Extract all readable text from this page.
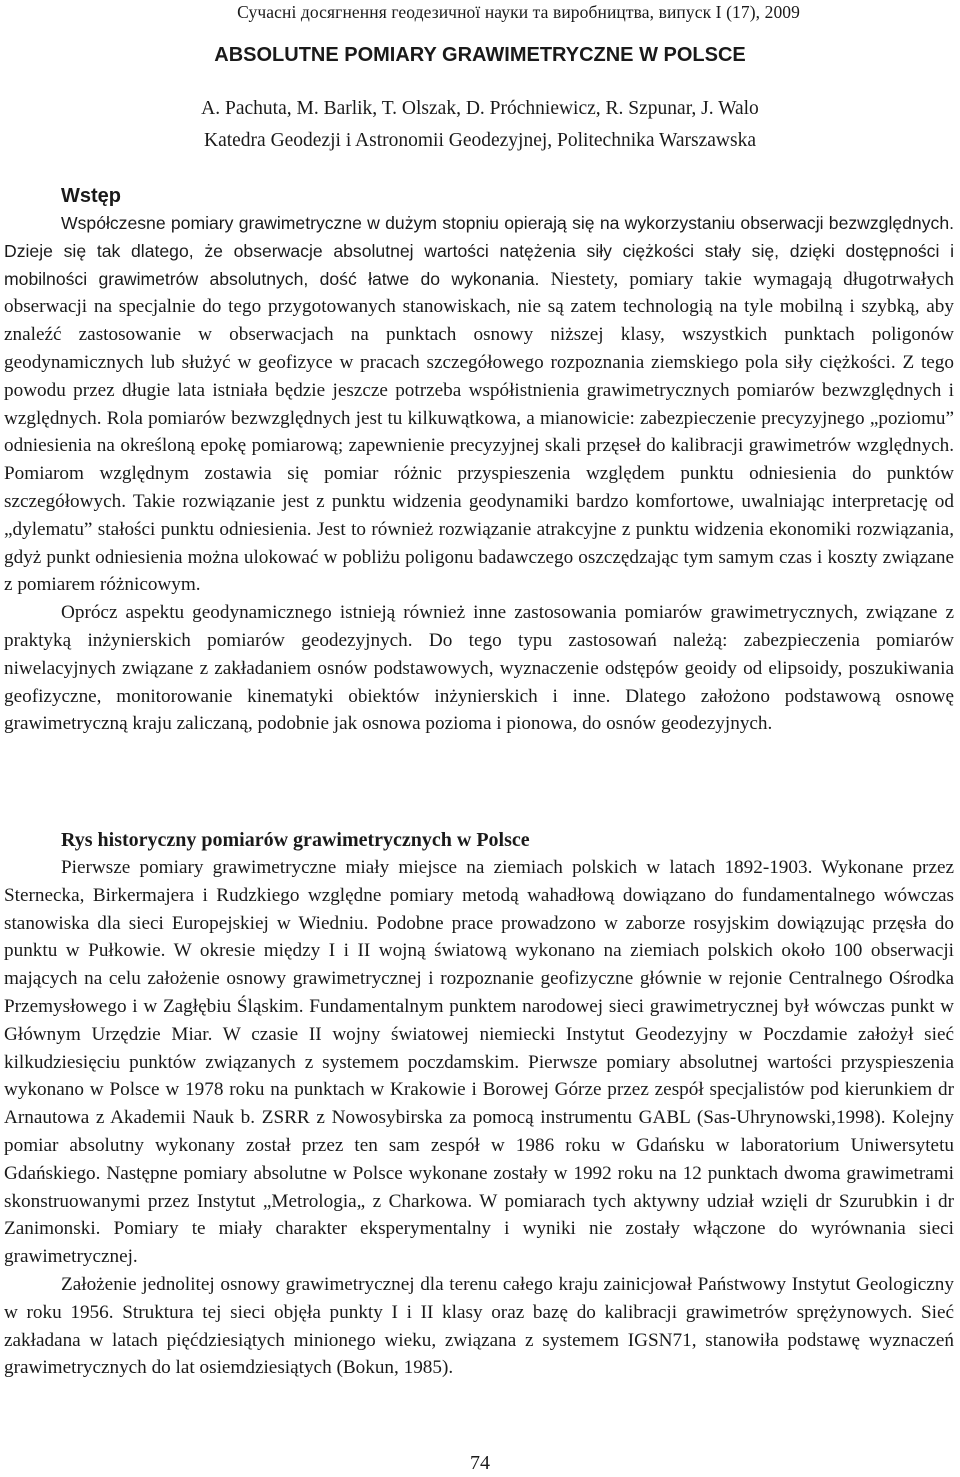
Сучасні досягнення геодезичної науки та виробництва, випуск I (17), 2009
ABSOLUTNE POMIARY GRAWIMETRYCZNE W POLSCE
A. Pachuta, M. Barlik, T. Olszak, D. Próchniewicz, R. Szpunar, J. Walo
Katedra Geodezji i Astronomii Geodezyjnej, Politechnika Warszawska
Wstęp

Współczesne pomiary grawimetryczne w dużym stopniu opierają się na wykorzystaniu obserwacji bezwzględnych. Dzieje się tak dlatego, że obserwacje absolutnej wartości natężenia siły ciężkości stały się, dzięki dostępności i mobilności grawimetrów absolutnych, dość łatwe do wykonania. Niestety, pomiary takie wymagają długotrwałych obserwacji na specjalnie do tego przygotowanych stanowiskach, nie są zatem technologią na tyle mobilną i szybką, aby znaleźć zastosowanie w obserwacjach na punktach osnowy niższej klasy, wszystkich punktach poligonów geodynamicznych lub służyć w geofizyce w pracach szczegółowego rozpoznania ziemskiego pola siły ciężkości. Z tego powodu przez długie lata istniała będzie jeszcze potrzeba współistnienia grawimetrycznych pomiarów bezwzględnych i względnych. Rola pomiarów bezwzględnych jest tu kilkuwątkowa, a mianowicie: zabezpieczenie precyzyjnego „poziomu” odniesienia na określoną epokę pomiarową; zapewnienie precyzyjnej skali przęseł do kalibracji grawimetrów względnych. Pomiarom względnym zostawia się pomiar różnic przyspieszenia względem punktu odniesienia do punktów szczegółowych. Takie rozwiązanie jest z punktu widzenia geodynamiki bardzo komfortowe, uwalniając interpretację od „dylematu” stałości punktu odniesienia. Jest to również rozwiązanie atrakcyjne z punktu widzenia ekonomiki rozwiązania, gdyż punkt odniesienia można ulokować w pobliżu poligonu badawczego oszczędzając tym samym czas i koszty związane z pomiarem różnicowym.

Oprócz aspektu geodynamicznego istnieją również inne zastosowania pomiarów grawimetrycznych, związane z praktyką inżynierskich pomiarów geodezyjnych. Do tego typu zastosowań należą: zabezpieczenia pomiarów niwelacyjnych związane z zakładaniem osnów podstawowych, wyznaczenie odstępów geoidy od elipsoidy, poszukiwania geofizyczne, monitorowanie kinematyki obiektów inżynierskich i inne. Dlatego założono podstawową osnowę grawimetryczną kraju zaliczaną, podobnie jak osnowa pozioma i pionowa, do osnów geodezyjnych.

Rys historyczny pomiarów grawimetrycznych w Polsce

Pierwsze pomiary grawimetryczne miały miejsce na ziemiach polskich w latach 1892-1903. Wykonane przez Sternecka, Birkermajera i Rudzkiego względne pomiary metodą wahadłową dowiązano do fundamentalnego wówczas stanowiska dla sieci Europejskiej w Wiedniu. Podobne prace prowadzono w zaborze rosyjskim dowiązując przęsła do punktu w Pułkowie. W okresie między I i II wojną światową wykonano na ziemiach polskich około 100 obserwacji mających na celu założenie osnowy grawimetrycznej i rozpoznanie geofizyczne głównie w rejonie Centralnego Ośrodka Przemysłowego i w Zagłębiu Śląskim. Fundamentalnym punktem narodowej sieci grawimetrycznej był wówczas punkt w Głównym Urzędzie Miar. W czasie II wojny światowej niemiecki Instytut Geodezyjny w Poczdamie założył sieć kilkudziesięciu punktów związanych z systemem poczdamskim. Pierwsze pomiary absolutnej wartości przyspieszenia wykonano w Polsce w 1978 roku na punktach w Krakowie i Borowej Górze przez zespół specjalistów pod kierunkiem dr Arnautowa z Akademii Nauk b. ZSRR z Nowosybirska za pomocą instrumentu GABL (Sas-Uhrynowski,1998). Kolejny pomiar absolutny wykonany został przez ten sam zespół w 1986 roku w Gdańsku w laboratorium Uniwersytetu Gdańskiego. Następne pomiary absolutne w Polsce wykonane zostały w 1992 roku na 12 punktach dwoma grawimetrami skonstruowanymi przez Instytut „Metrologia„ z Charkowa. W pomiarach tych aktywny udział wzięli dr Szurubkin i dr Zanimonski. Pomiary te miały charakter eksperymentalny i wyniki nie zostały włączone do wyrównania sieci grawimetrycznej.

Założenie jednolitej osnowy grawimetrycznej dla terenu całego kraju zainicjował Państwowy Instytut Geologiczny w roku 1956. Struktura tej sieci objęła punkty I i II klasy oraz bazę do kalibracji grawimetrów sprężynowych. Sieć zakładana w latach pięćdziesiątych minionego wieku, związana z systemem IGSN71, stanowiła podstawę wyznaczeń grawimetrycznych do lat osiemdziesiątych (Bokun, 1985).

74
